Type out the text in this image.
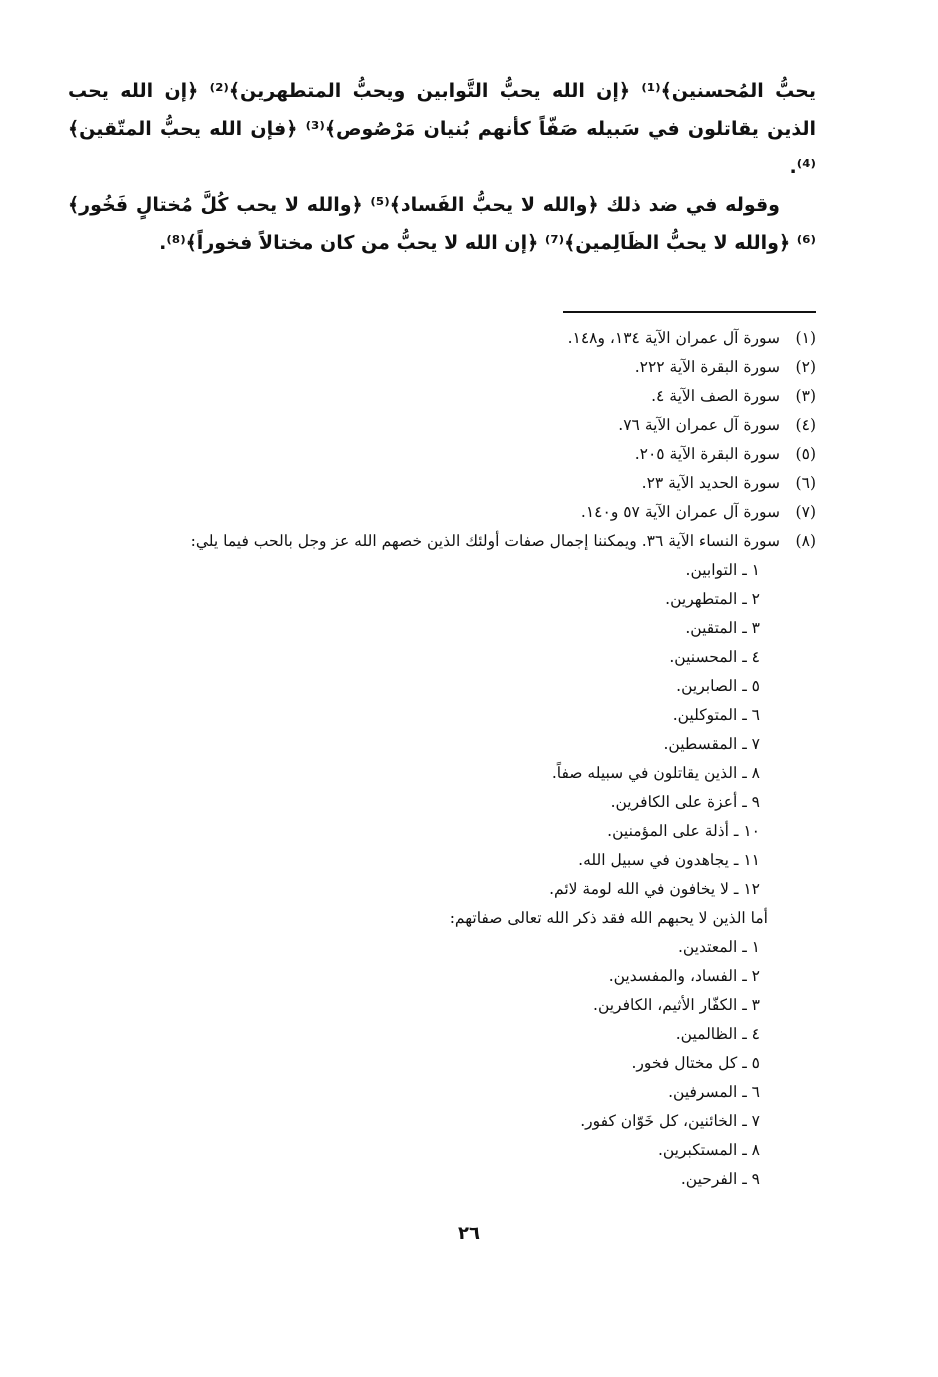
يحبُّ المُحسنين﴾⁽¹⁾ ﴿إن الله يحبُّ التَّوابين ويحبُّ المتطهرين﴾⁽²⁾ ﴿إن الله يحب الذين يقاتلون في سَبيله صَفّاً كأنهم بُنيان مَرْصُوص﴾⁽³⁾ ﴿فإن الله يحبُّ المتّقين﴾⁽⁴⁾.

وقوله في ضد ذلك ﴿والله لا يحبُّ الفَساد﴾⁽⁵⁾ ﴿والله لا يحب كُلَّ مُختالٍ فَخُور﴾⁽⁶⁾ ﴿والله لا يحبُّ الظَالِمين﴾⁽⁷⁾ ﴿إن الله لا يحبُّ من كان مختالاً فخوراً﴾⁽⁸⁾.

(١)
سورة آل عمران الآية ١٣٤، و١٤٨.
(٢)
سورة البقرة الآية ٢٢٢.
(٣)
سورة الصف الآية ٤.
(٤)
سورة آل عمران الآية ٧٦.
(٥)
سورة البقرة الآية ٢٠٥.
(٦)
سورة الحديد الآية ٢٣.
(٧)
سورة آل عمران الآية ٥٧ و١٤٠.
(٨)
سورة النساء الآية ٣٦. ويمكننا إجمال صفات أولئك الذين خصهم الله عز وجل بالحب فيما يلي:
١ ـ التوابين.
٢ ـ المتطهرين.
٣ ـ المتقين.
٤ ـ المحسنين.
٥ ـ الصابرين.
٦ ـ المتوكلين.
٧ ـ المقسطين.
٨ ـ الذين يقاتلون في سبيله صفاً.
٩ ـ أعزة على الكافرين.
١٠ ـ أذلة على المؤمنين.
١١ ـ يجاهدون في سبيل الله.
١٢ ـ لا يخافون في الله لومة لائم.
أما الذين لا يحبهم الله فقد ذكر الله تعالى صفاتهم:
١ ـ المعتدين.
٢ ـ الفساد، والمفسدين.
٣ ـ الكفّار الأثيم، الكافرين.
٤ ـ الظالمين.
٥ ـ كل مختال فخور.
٦ ـ المسرفين.
٧ ـ الخائنين، كل خَوّان كفور.
٨ ـ المستكبرين.
٩ ـ الفرحين.
٢٦
